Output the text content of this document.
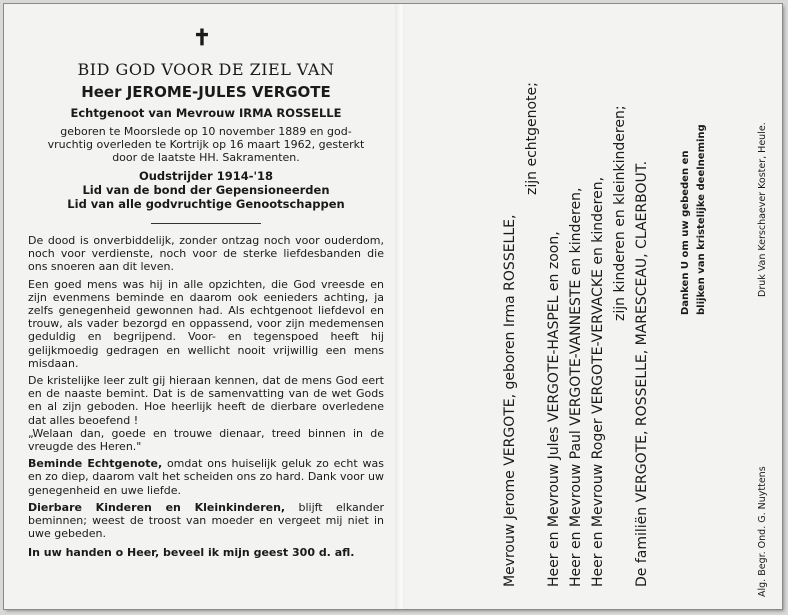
✝
BID GOD VOOR DE ZIEL VAN
Heer JEROME-JULES VERGOTE
Echtgenoot van Mevrouw IRMA ROSSELLE
geboren te Moorslede op 10 november 1889 en god-
vruchtig overleden te Kortrijk op 16 maart 1962, gesterkt
door de laatste HH. Sakramenten.
Oudstrijder 1914-'18
Lid van de bond der Gepensioneerden
Lid van alle godvruchtige Genootschappen

De dood is onverbiddelijk, zonder ontzag noch voor ouderdom, noch voor verdienste, noch voor de sterke liefdesbanden die ons snoeren aan dit leven.

Een goed mens was hij in alle opzichten, die God vreesde en zijn evenmens beminde en daarom ook eenieders achting, ja zelfs genegenheid gewonnen had. Als echtgenoot liefdevol en trouw, als vader bezorgd en oppassend, voor zijn medemensen geduldig en begrijpend. Voor- en tegenspoed heeft hij gelijkmoedig gedragen en wellicht nooit vrijwillig een mens misdaan.

De kristelijke leer zult gij hieraan kennen, dat de mens God eert en de naaste bemint. Dat is de samenvatting van de wet Gods en al zijn geboden. Hoe heerlijk heeft de dierbare overledene dat alles beoefend !

„Welaan dan, goede en trouwe dienaar, treed binnen in de vreugde des Heren."

Beminde Echtgenote, omdat ons huiselijk geluk zo echt was en zo diep, daarom valt het scheiden ons zo hard. Dank voor uw genegenheid en uwe liefde.

Dierbare Kinderen en Kleinkinderen, blijft elkander beminnen; weest de troost van moeder en vergeet mij niet in uwe gebeden.

In uw handen o Heer, beveel ik mijn geest 300 d. afl.	Mevrouw Jerome VERGOTE, geboren Irma ROSSELLE,
zijn echtgenote;
Heer en Mevrouw Jules VERGOTE-HASPEL en zoon, Heer en Mevrouw Paul VERGOTE-VANNESTE en kinderen, Heer en Mevrouw Roger VERGOTE-VERVACKE en kinderen, zijn kinderen en kleinkinderen; De familiën VERGOTE, ROSSELLE, MARESCEAU, CLAERBOUT.	Danken U om uw gebeden en blijken van kristelijke deelneming
Alg. Begr. Ond. G. Nuyttens
Druk Van Kerschaever Koster, Heule.
